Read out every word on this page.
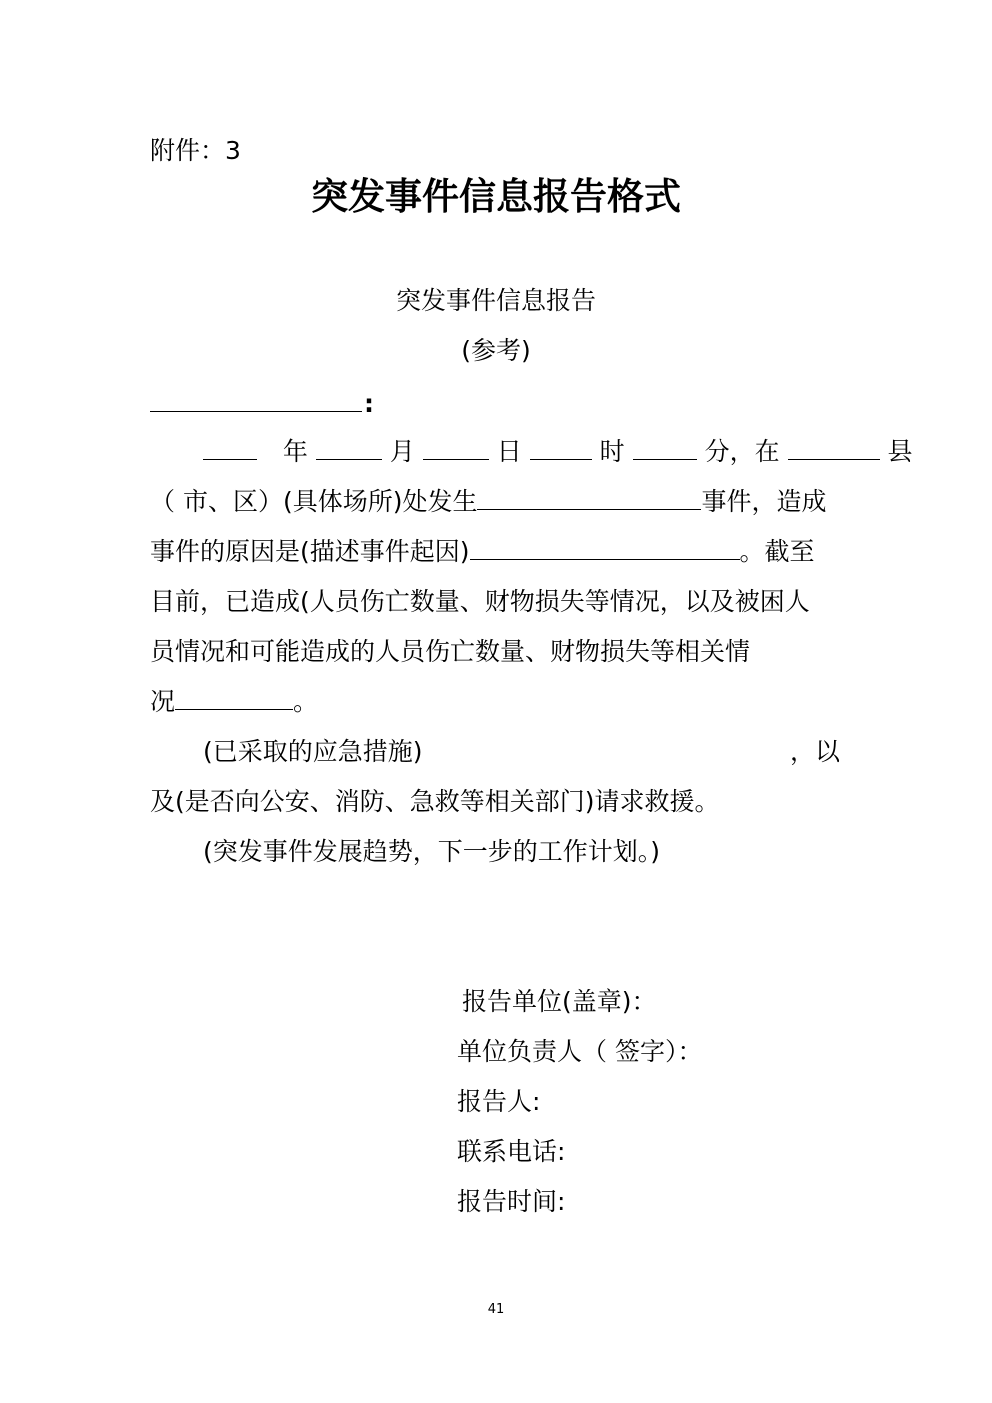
附件：3
突发事件信息报告格式
突发事件信息报告
(参考)
:
年	月	日	时	分，在	县
（ 市、区）(具体场所)处发生	事件，造成
事件的原因是(描述事件起因)	。截至
目前，已造成(人员伤亡数量、财物损失等情况，以及被困人
员情况和可能造成的人员伤亡数量、财物损失等相关情
况	。
(已采取的应急措施)	，以
及(是否向公安、消防、急救等相关部门)请求救援。
(突发事件发展趋势，下一步的工作计划。)
报告单位(盖章)：
单位负责人（ 签字）：
报告人:
联系电话:
报告时间:
41
